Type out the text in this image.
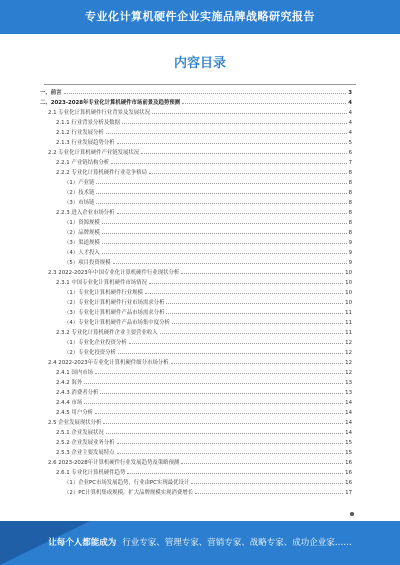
专业化计算机硬件企业实施品牌战略研究报告
内容目录
一、前言	3
二、2023-2028年专业化计算机硬件市场前景及趋势预测	4
2.1 专业化计算机硬件行业背景及发展状况	4
2.1.1 行业背景分析及数据	4
2.1.2 行业发展分析	4
2.1.3 行业发展趋势分析	5
2.2 专业化计算机硬件产业链发展状况	6
2.2.1 产业链结构分析	7
2.2.2 专业化计算机硬件行业竞争格局	8
（1）产业链	8
（2）技术链	8
（3）市场链	8
2.2.3 进入企业市场分析	8
（1）资源规模	8
（2）品牌规模	8
（3）渠道规模	9
（4）人才投入	9
（5）项目投资规模	9
2.3 2022-2023年中国专业化计算机硬件行业现状分析	10
2.3.1 中国专业化计算机硬件市场情况	10
（1）专业化计算机硬件行业规模	10
（2）专业化计算机硬件行业市场需求分析	10
（3）专业化计算机硬件产品市场需求分析	11
（4）专业化计算机硬件产品市场集中度分析	11
2.3.2 专业化计算机硬件企业主要营业收入	11
（1）专业化企业投资分析	12
（2）专业化投资分析	12
2.4 2022-2023年专业化计算机硬件细分市场分析	12
2.4.1 国内市场	12
2.4.2 海外	13
2.4.3 消费者分析	13
2.4.4 市场	14
2.4.5 用户分析	14
2.5 企业发展现状分析	14
2.5.1 企业发展状况	14
2.5.2 企业发展业务分析	15
2.5.3 企业主要发展特点	15
2.6 2023-2028年计算机硬件行业发展趋势及策略预测	16
2.6.1 专业化计算机硬件趋势	16
（1）企业PC市场发展趋势，行业由PC实现最优设计	16
（2）PC计算机集成规模，扩大品牌规模实现消费增长	17
让每个人都能成为 行业专家、管理专家、营销专家、战略专家、成功企业家……
